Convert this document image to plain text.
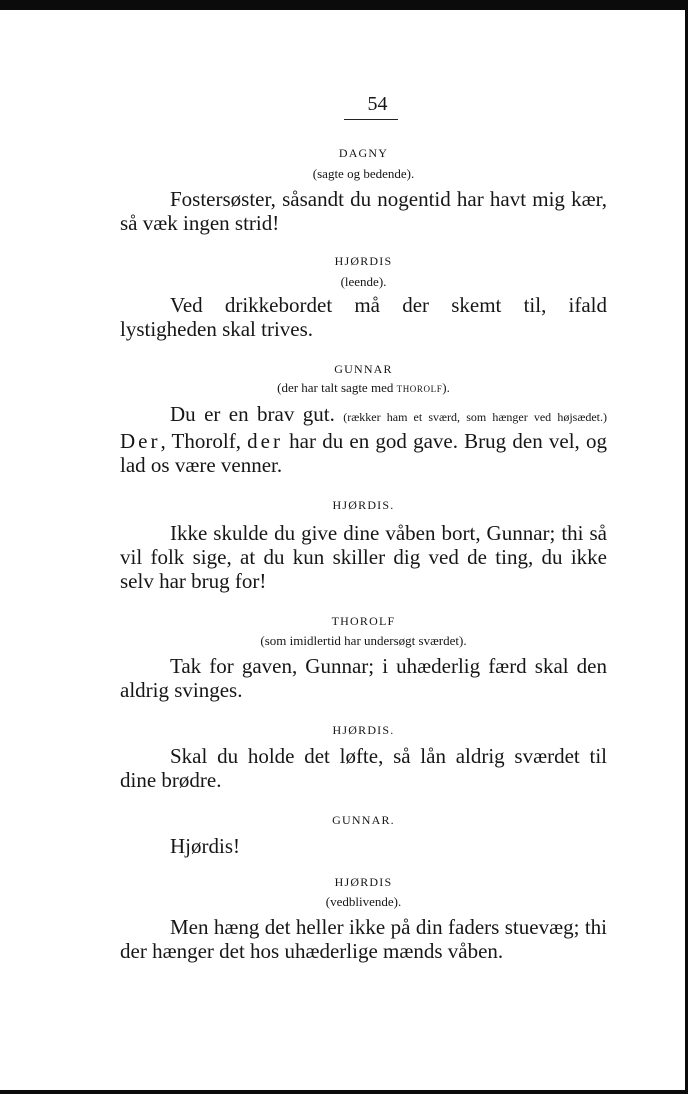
54
DAGNY
(sagte og bedende).

Fostersøster, såsandt du nogentid har havt mig kær, så væk ingen strid!

HJØRDIS
(leende).

Ved drikkebordet må der skemt til, ifald lystigheden skal trives.

GUNNAR
(der har talt sagte med THOROLF).

Du er en brav gut. (rækker ham et sværd, som hænger ved højsædet.) Der, Thorolf, der har du en god gave. Brug den vel, og lad os være venner.

HJØRDIS.

Ikke skulde du give dine våben bort, Gunnar; thi så vil folk sige, at du kun skiller dig ved de ting, du ikke selv har brug for!

THOROLF
(som imidlertid har undersøgt sværdet).

Tak for gaven, Gunnar; i uhæderlig færd skal den aldrig svinges.

HJØRDIS.

Skal du holde det løfte, så lån aldrig sværdet til dine brødre.

GUNNAR.

Hjørdis!

HJØRDIS
(vedblivende).

Men hæng det heller ikke på din faders stuevæg; thi der hænger det hos uhæderlige mænds våben.
